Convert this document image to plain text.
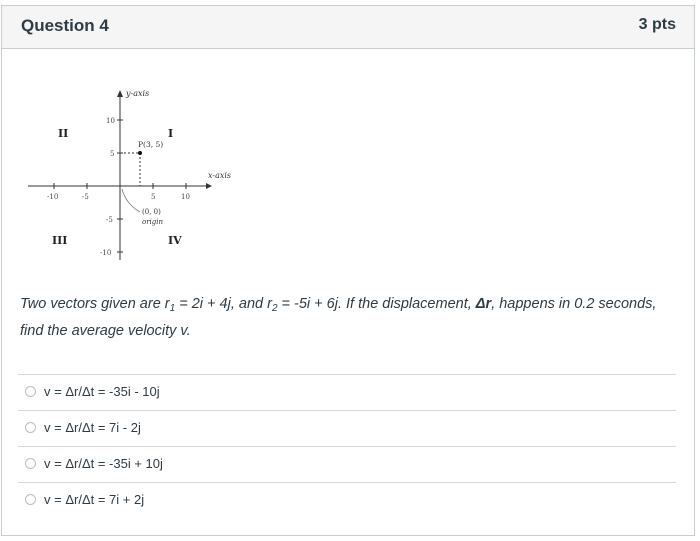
Question 4	3 pts
-10	-5	5	10
10
5
-5
-10
y-axis
x-axis
II	I
III	IV
P(3, 5)
(0, 0)
origin
Two vectors given are $r_1 = 2i + 4j$, and $r_2 = -5i + 6j$. If the displacement, Δr, happens in 0.2 seconds, find the average velocity v.
v = Δr/Δt = -35i - 10j
v = Δr/Δt = 7i - 2j
v = Δr/Δt = -35i + 10j
v = Δr/Δt = 7i + 2j
